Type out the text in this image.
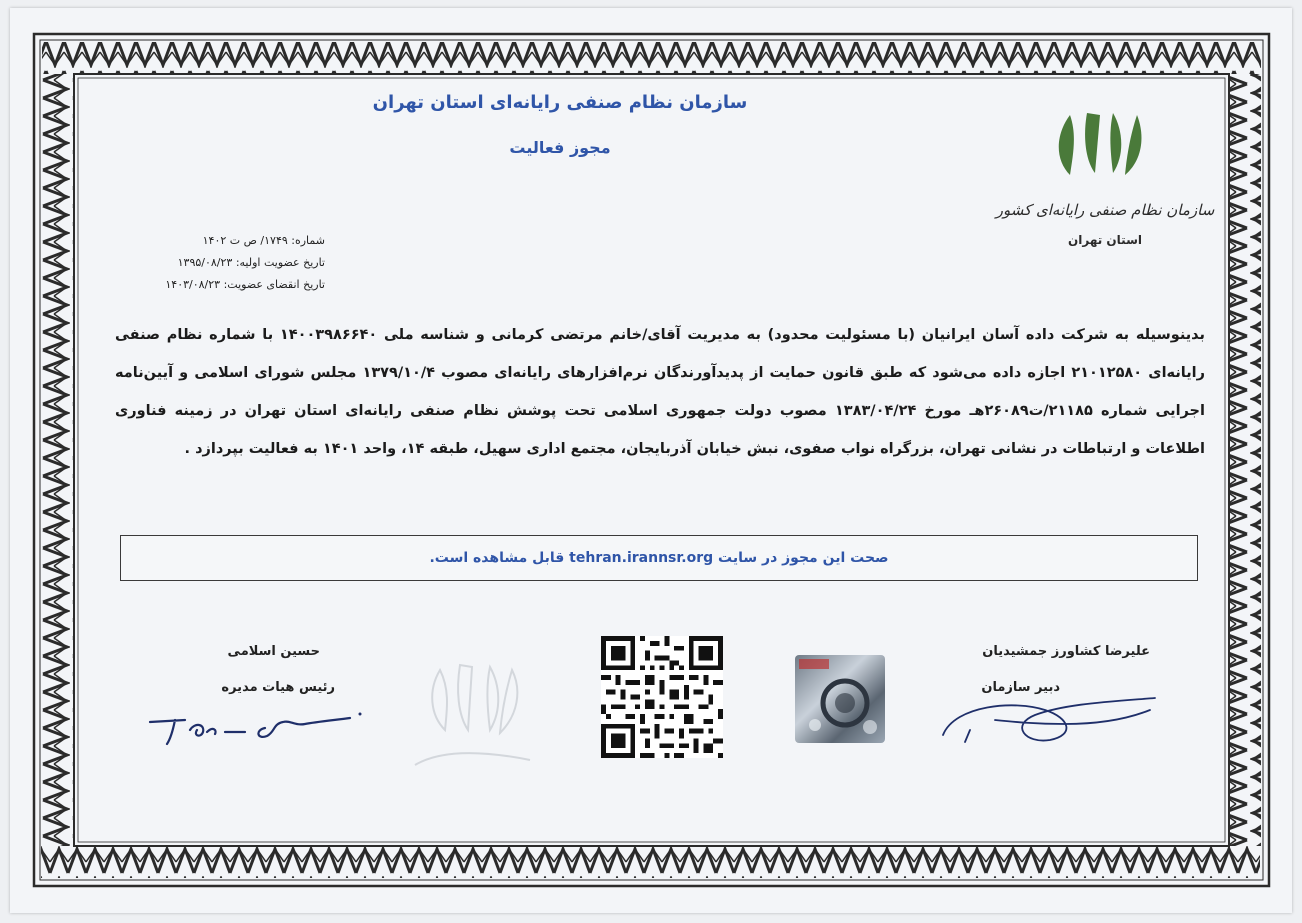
سازمان نظام صنفی رایانه‌ای استان تهران
مجوز فعالیت
سازمان نظام صنفی رایانه‌ای کشور
استان تهران
شماره: ۱۷۴۹/ ص ت ۱۴۰۲
تاریخ عضویت اولیه: ۱۳۹۵/۰۸/۲۳
تاریخ انقضای عضویت: ۱۴۰۳/۰۸/۲۳
بدینوسیله به شرکت داده آسان ایرانیان (با مسئولیت محدود) به مدیریت آقای/خانم مرتضی کرمانی و شناسه ملی ۱۴۰۰۳۹۸۶۶۴۰ با شماره نظام صنفی رایانه‌ای ۲۱۰۱۲۵۸۰ اجازه داده می‌شود که طبق قانون حمایت از پدیدآورندگان نرم‌افزارهای رایانه‌ای مصوب ۱۳۷۹/۱۰/۴ مجلس شورای اسلامی و آیین‌نامه اجرایی شماره ۲۱۱۸۵/ت۲۶۰۸۹هـ مورخ ۱۳۸۳/۰۴/۲۴ مصوب دولت جمهوری اسلامی تحت پوشش نظام صنفی رایانه‌ای استان تهران در زمینه فناوری اطلاعات و ارتباطات در نشانی تهران، بزرگراه نواب صفوی، نبش خیابان آذربایجان، مجتمع اداری سهیل، طبقه ۱۴، واحد ۱۴۰۱ به فعالیت بپردازد .
صحت این مجوز در سایت tehran.irannsr.org قابل مشاهده است.
حسین اسلامی
رئیس هیات مدیره
علیرضا کشاورز جمشیدیان
دبیر سازمان
